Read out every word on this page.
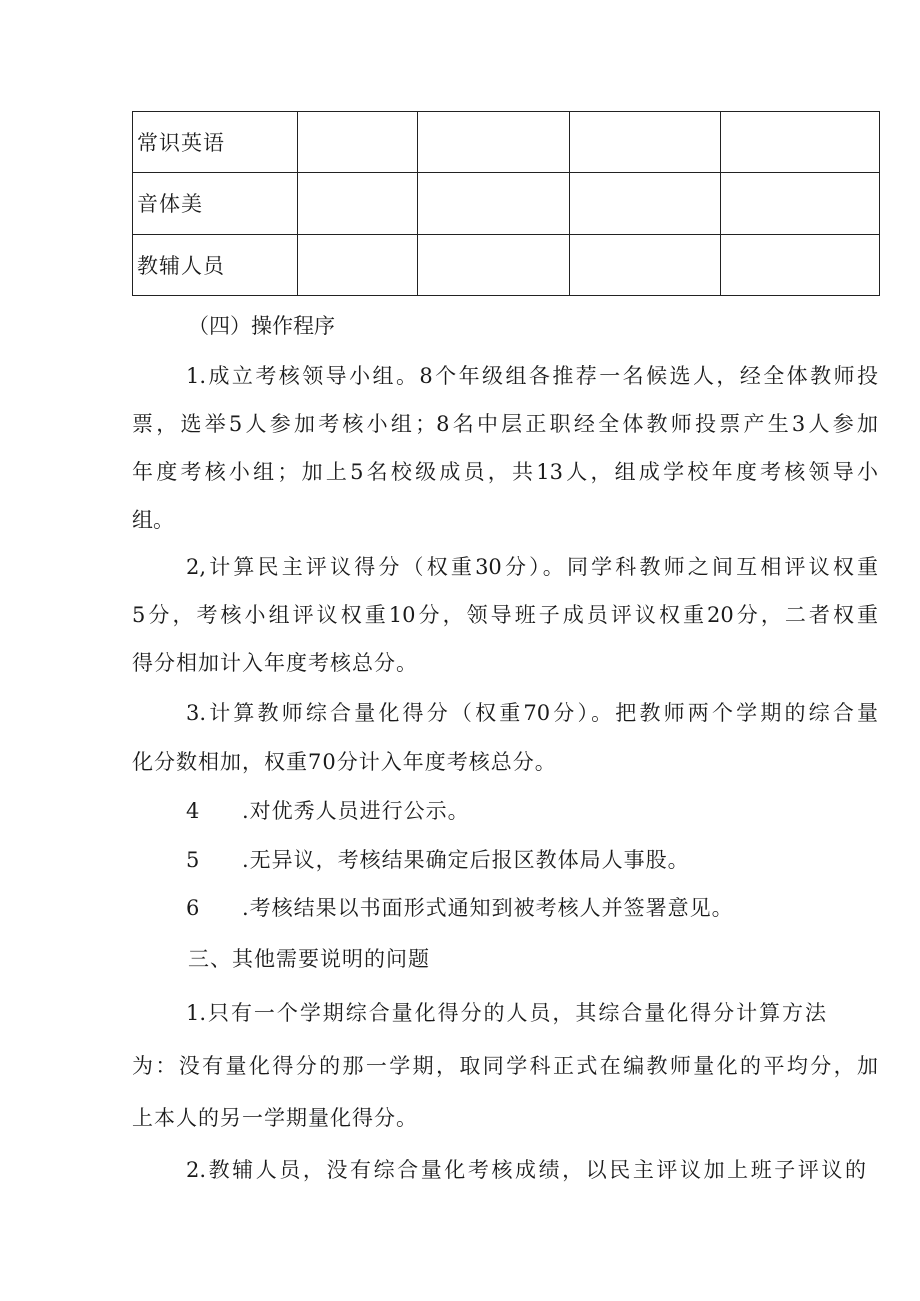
常识英语				
音体美				
教辅人员				
（四）操作程序
1.成立考核领导小组。8个年级组各推荐一名候选人，经全体教师投
票，选举5人参加考核小组；8名中层正职经全体教师投票产生3人参加
年度考核小组；加上5名校级成员，共13人，组成学校年度考核领导小
组。
2,计算民主评议得分（权重30分）。同学科教师之间互相评议权重
5分，考核小组评议权重10分，领导班子成员评议权重20分，二者权重
得分相加计入年度考核总分。
3.计算教师综合量化得分（权重70分）。把教师两个学期的综合量
化分数相加，权重70分计入年度考核总分。
4 .对优秀人员进行公示。
5 .无异议，考核结果确定后报区教体局人事股。
6 .考核结果以书面形式通知到被考核人并签署意见。
三、其他需要说明的问题
1.只有一个学期综合量化得分的人员，其综合量化得分计算方法
为：没有量化得分的那一学期，取同学科正式在编教师量化的平均分，加
上本人的另一学期量化得分。
2.教辅人员，没有综合量化考核成绩，以民主评议加上班子评议的
